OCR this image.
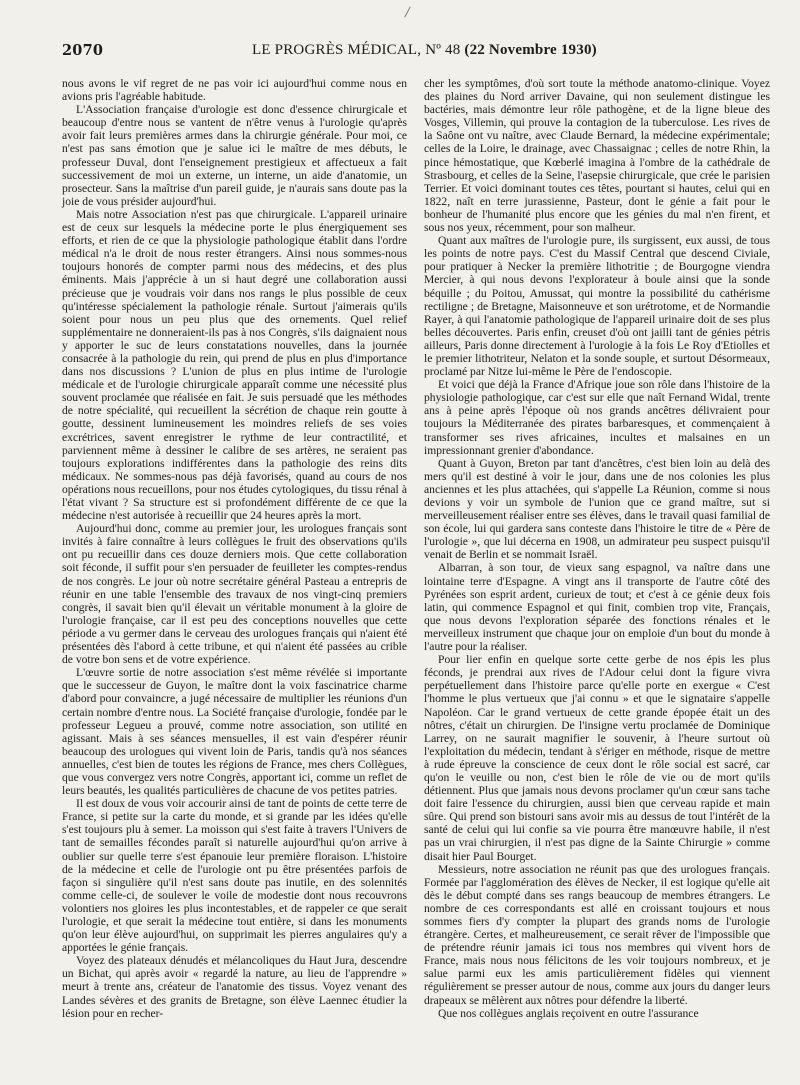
2070	LE PROGRÈS MÉDICAL, Nº 48 (22 Novembre 1930)

nous avons le vif regret de ne pas voir ici aujourd'hui comme nous en avions pris l'agréable habitude.

L'Association française d'urologie est donc d'essence chirurgicale et beaucoup d'entre nous se vantent de n'être venus à l'urologie qu'après avoir fait leurs premières armes dans la chirurgie générale. Pour moi, ce n'est pas sans émotion que je salue ici le maître de mes débuts, le professeur Duval, dont l'enseignement prestigieux et affectueux a fait successivement de moi un externe, un interne, un aide d'anatomie, un prosecteur. Sans la maîtrise d'un pareil guide, je n'aurais sans doute pas la joie de vous présider aujourd'hui.

Mais notre Association n'est pas que chirurgicale. L'appareil urinaire est de ceux sur lesquels la médecine porte le plus énergiquement ses efforts, et rien de ce que la physiologie pathologique établit dans l'ordre médical n'a le droit de nous rester étrangers. Ainsi nous sommes-nous toujours honorés de compter parmi nous des médecins, et des plus éminents. Mais j'apprécie à un si haut degré une collaboration aussi précieuse que je voudrais voir dans nos rangs le plus possible de ceux qu'intéresse spécialement la pathologie rénale. Surtout j'aimerais qu'ils soient pour nous un peu plus que des ornements. Quel relief supplémentaire ne donneraient-ils pas à nos Congrès, s'ils daignaient nous y apporter le suc de leurs constatations nouvelles, dans la journée consacrée à la pathologie du rein, qui prend de plus en plus d'importance dans nos discussions ? L'union de plus en plus intime de l'urologie médicale et de l'urologie chirurgicale apparaît comme une nécessité plus souvent proclamée que réalisée en fait. Je suis persuadé que les méthodes de notre spécialité, qui recueillent la sécrétion de chaque rein goutte à goutte, dessinent lumineusement les moindres reliefs de ses voies excrétrices, savent enregistrer le rythme de leur contractilité, et parviennent même à dessiner le calibre de ses artères, ne seraient pas toujours explorations indifférentes dans la pathologie des reins dits médicaux. Ne sommes-nous pas déjà favorisés, quand au cours de nos opérations nous recueillons, pour nos études cytologiques, du tissu rénal à l'état vivant ? Sa structure est si profondément différente de ce que la médecine n'est autorisée à recueillir que 24 heures après la mort.

Aujourd'hui donc, comme au premier jour, les urologues français sont invités à faire connaître à leurs collègues le fruit des observations qu'ils ont pu recueillir dans ces douze derniers mois. Que cette collaboration soit féconde, il suffit pour s'en persuader de feuilleter les comptes-rendus de nos congrès. Le jour où notre secrétaire général Pasteau a entrepris de réunir en une table l'ensemble des travaux de nos vingt-cinq premiers congrès, il savait bien qu'il élevait un véritable monument à la gloire de l'urologie française, car il est peu des conceptions nouvelles que cette période a vu germer dans le cerveau des urologues français qui n'aient été présentées dès l'abord à cette tribune, et qui n'aient été passées au crible de votre bon sens et de votre expérience.

L'œuvre sortie de notre association s'est même révélée si importante que le successeur de Guyon, le maître dont la voix fascinatrice charme d'abord pour convaincre, a jugé nécessaire de multiplier les réunions d'un certain nombre d'entre nous. La Société française d'urologie, fondée par le professeur Legueu a prouvé, comme notre association, son utilité en agissant. Mais à ses séances mensuelles, il est vain d'espérer réunir beaucoup des urologues qui vivent loin de Paris, tandis qu'à nos séances annuelles, c'est bien de toutes les régions de France, mes chers Collègues, que vous convergez vers notre Congrès, apportant ici, comme un reflet de leurs beautés, les qualités particulières de chacune de vos petites patries.

Il est doux de vous voir accourir ainsi de tant de points de cette terre de France, si petite sur la carte du monde, et si grande par les idées qu'elle s'est toujours plu à semer. La moisson qui s'est faite à travers l'Univers de tant de semailles fécondes paraît si naturelle aujourd'hui qu'on arrive à oublier sur quelle terre s'est épanouie leur première floraison. L'histoire de la médecine et celle de l'urologie ont pu être présentées parfois de façon si singulière qu'il n'est sans doute pas inutile, en des solennités comme celle-ci, de soulever le voile de modestie dont nous recouvrons volontiers nos gloires les plus incontestables, et de rappeler ce que serait l'urologie, et que serait la médecine tout entière, si dans les monuments qu'on leur élève aujourd'hui, on supprimait les pierres angulaires qu'y a apportées le génie français.

Voyez des plateaux dénudés et mélancoliques du Haut Jura, descendre un Bichat, qui après avoir « regardé la nature, au lieu de l'apprendre » meurt à trente ans, créateur de l'anatomie des tissus. Voyez venant des Landes sévères et des granits de Bretagne, son élève Laennec étudier la lésion pour en recher-

cher les symptômes, d'où sort toute la méthode anatomo-clinique. Voyez des plaines du Nord arriver Davaine, qui non seulement distingue les bactéries, mais démontre leur rôle pathogène, et de la ligne bleue des Vosges, Villemin, qui prouve la contagion de la tuberculose. Les rives de la Saône ont vu naître, avec Claude Bernard, la médecine expérimentale; celles de la Loire, le drainage, avec Chassaignac ; celles de notre Rhin, la pince hémostatique, que Kœberlé imagina à l'ombre de la cathédrale de Strasbourg, et celles de la Seine, l'asepsie chirurgicale, que crée le parisien Terrier. Et voici dominant toutes ces têtes, pourtant si hautes, celui qui en 1822, naît en terre jurassienne, Pasteur, dont le génie a fait pour le bonheur de l'humanité plus encore que les génies du mal n'en firent, et sous nos yeux, récemment, pour son malheur.

Quant aux maîtres de l'urologie pure, ils surgissent, eux aussi, de tous les points de notre pays. C'est du Massif Central que descend Civiale, pour pratiquer à Necker la première lithotritie ; de Bourgogne viendra Mercier, à qui nous devons l'explorateur à boule ainsi que la sonde béquille ; du Poitou, Amussat, qui montre la possibilité du cathérisme rectiligne ; de Bretagne, Maisonneuve et son urétrotome, et de Normandie Rayer, à qui l'anatomie pathologique de l'appareil urinaire doit de ses plus belles découvertes. Paris enfin, creuset d'où ont jailli tant de génies pétris ailleurs, Paris donne directement à l'urologie à la fois Le Roy d'Etiolles et le premier lithotriteur, Nelaton et la sonde souple, et surtout Désormeaux, proclamé par Nitze lui-même le Père de l'endoscopie.

Et voici que déjà la France d'Afrique joue son rôle dans l'histoire de la physiologie pathologique, car c'est sur elle que naît Fernand Widal, trente ans à peine après l'époque où nos grands ancêtres délivraient pour toujours la Méditerranée des pirates barbaresques, et commençaient à transformer ses rives africaines, incultes et malsaines en un impressionnant grenier d'abondance.

Quant à Guyon, Breton par tant d'ancêtres, c'est bien loin au delà des mers qu'il est destiné à voir le jour, dans une de nos colonies les plus anciennes et les plus attachées, qui s'appelle La Réunion, comme si nous devions y voir un symbole de l'union que ce grand maître, sut si merveilleusement réaliser entre ses élèves, dans le travail quasi familial de son école, lui qui gardera sans conteste dans l'histoire le titre de « Père de l'urologie », que lui décerna en 1908, un admirateur peu suspect puisqu'il venait de Berlin et se nommait Israël.

Albarran, à son tour, de vieux sang espagnol, va naître dans une lointaine terre d'Espagne. A vingt ans il transporte de l'autre côté des Pyrénées son esprit ardent, curieux de tout; et c'est à ce génie deux fois latin, qui commence Espagnol et qui finit, combien trop vite, Français, que nous devons l'exploration séparée des fonctions rénales et le merveilleux instrument que chaque jour on emploie d'un bout du monde à l'autre pour la réaliser.

Pour lier enfin en quelque sorte cette gerbe de nos épis les plus féconds, je prendrai aux rives de l'Adour celui dont la figure vivra perpétuellement dans l'histoire parce qu'elle porte en exergue « C'est l'homme le plus vertueux que j'ai connu » et que le signataire s'appelle Napoléon. Car le grand vertueux de cette grande épopée était un des nôtres, c'était un chirurgien. De l'insigne vertu proclamée de Dominique Larrey, on ne saurait magnifier le souvenir, à l'heure surtout où l'exploitation du médecin, tendant à s'ériger en méthode, risque de mettre à rude épreuve la conscience de ceux dont le rôle social est sacré, car qu'on le veuille ou non, c'est bien le rôle de vie ou de mort qu'ils détiennent. Plus que jamais nous devons proclamer qu'un cœur sans tache doit faire l'essence du chirurgien, aussi bien que cerveau rapide et main sûre. Qui prend son bistouri sans avoir mis au dessus de tout l'intérêt de la santé de celui qui lui confie sa vie pourra être manœuvre habile, il n'est pas un vrai chirurgien, il n'est pas digne de la Sainte Chirurgie » comme disait hier Paul Bourget.

Messieurs, notre association ne réunit pas que des urologues français. Formée par l'agglomération des élèves de Necker, il est logique qu'elle ait dès le début compté dans ses rangs beaucoup de membres étrangers. Le nombre de ces correspondants est allé en croissant toujours et nous sommes fiers d'y compter la plupart des grands noms de l'urologie étrangère. Certes, et malheureusement, ce serait rêver de l'impossible que de prétendre réunir jamais ici tous nos membres qui vivent hors de France, mais nous nous félicitons de les voir toujours nombreux, et je salue parmi eux les amis particulièrement fidèles qui viennent régulièrement se presser autour de nous, comme aux jours du danger leurs drapeaux se mêlèrent aux nôtres pour défendre la liberté.

Que nos collègues anglais reçoivent en outre l'assurance
